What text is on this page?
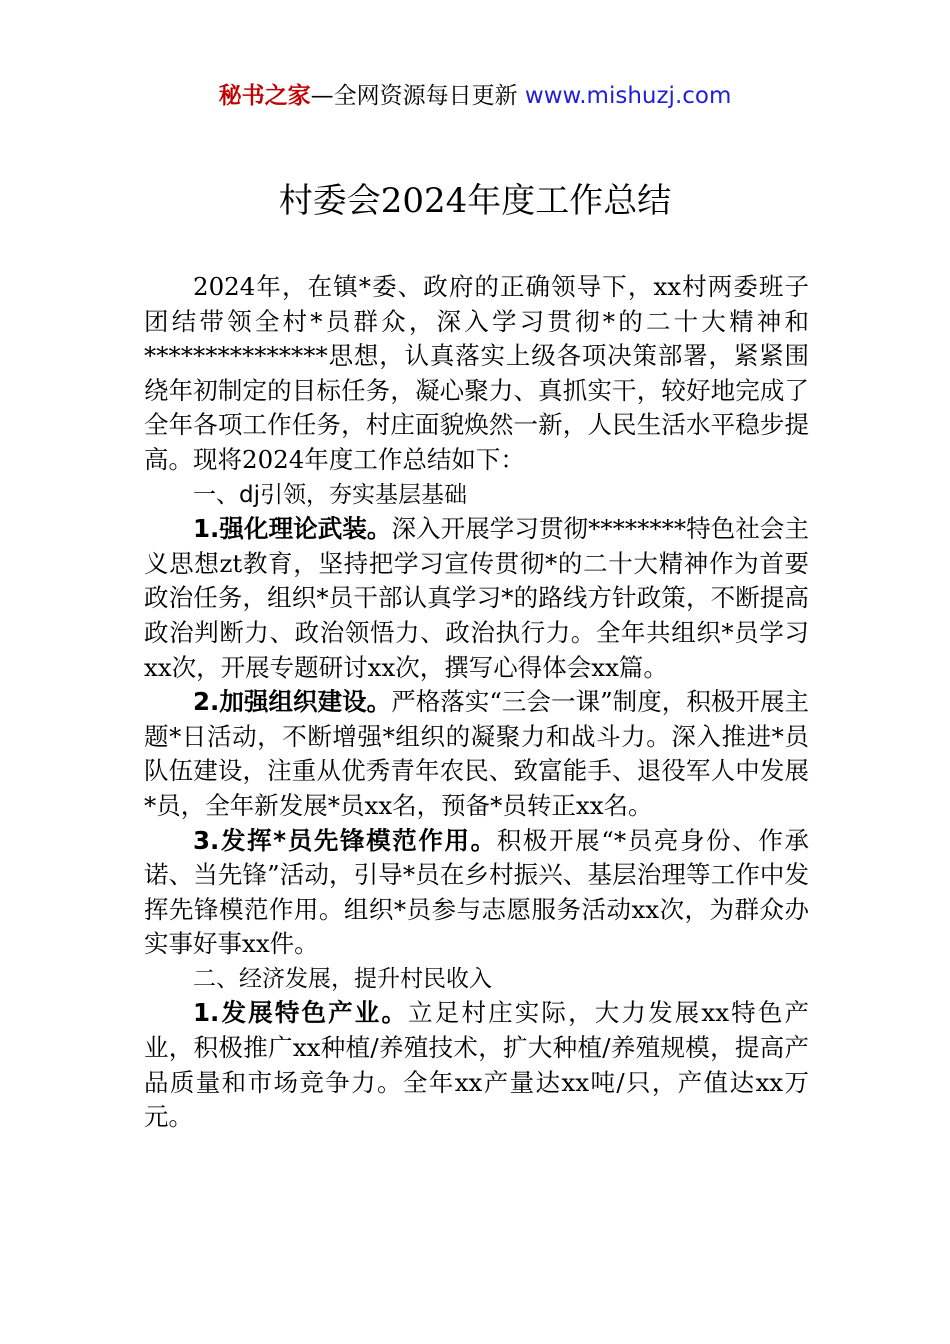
秘书之家—全网资源每日更新 www.mishuzj.com
村委会2024年度工作总结

2024年，在镇*委、政府的正确领导下，xx村两委班子团结带领全村*员群众，深入学习贯彻*的二十大精神和***************思想，认真落实上级各项决策部署，紧紧围绕年初制定的目标任务，凝心聚力、真抓实干，较好地完成了全年各项工作任务，村庄面貌焕然一新，人民生活水平稳步提高。现将2024年度工作总结如下：

一、dj引领，夯实基层基础

1.强化理论武装。深入开展学习贯彻********特色社会主义思想zt教育，坚持把学习宣传贯彻*的二十大精神作为首要政治任务，组织*员干部认真学习*的路线方针政策，不断提高政治判断力、政治领悟力、政治执行力。全年共组织*员学习xx次，开展专题研讨xx次，撰写心得体会xx篇。

2.加强组织建设。严格落实“三会一课”制度，积极开展主题*日活动，不断增强*组织的凝聚力和战斗力。深入推进*员队伍建设，注重从优秀青年农民、致富能手、退役军人中发展*员，全年新发展*员xx名，预备*员转正xx名。

3.发挥*员先锋模范作用。积极开展“*员亮身份、作承诺、当先锋”活动，引导*员在乡村振兴、基层治理等工作中发挥先锋模范作用。组织*员参与志愿服务活动xx次，为群众办实事好事xx件。

二、经济发展，提升村民收入

1.发展特色产业。立足村庄实际，大力发展xx特色产业，积极推广xx种植/养殖技术，扩大种植/养殖规模，提高产品质量和市场竞争力。全年xx产量达xx吨/只，产值达xx万元。
